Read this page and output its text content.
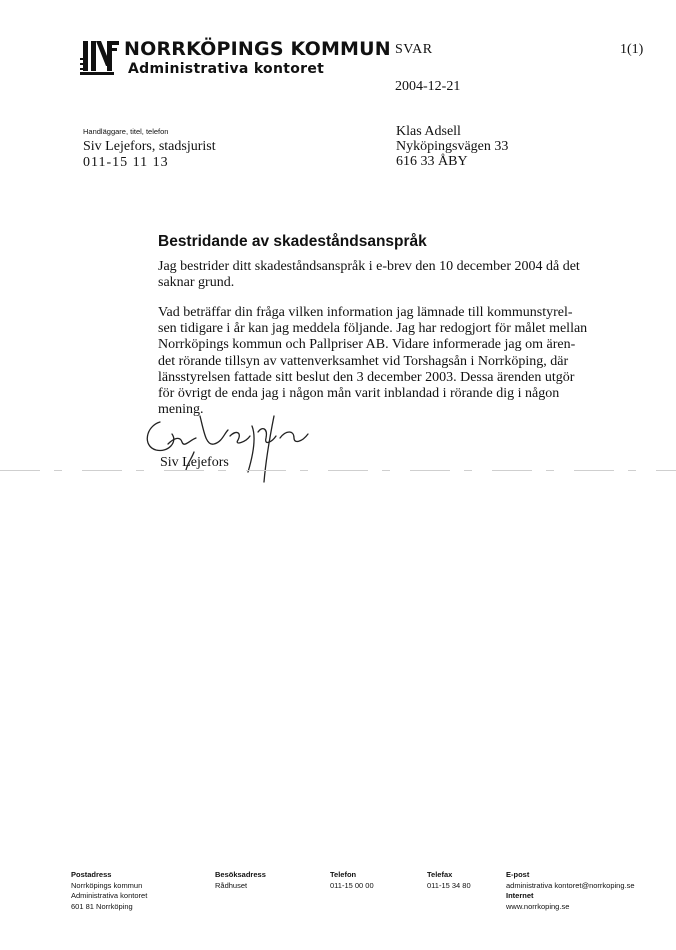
NORRKÖPINGS KOMMUN
Administrativa kontoret
SVAR	1(1)
2004-12-21
Handläggare, titel, telefon
Siv Lejefors, stadsjurist
011-15 11 13
Klas Adsell
Nyköpingsvägen 33
616 33 ÅBY
Bestridande av skadeståndsanspråk
Jag bestrider ditt skadeståndsanspråk i e-brev den 10 december 2004 då det
saknar grund.
Vad beträffar din fråga vilken information jag lämnade till kommunstyrel-
sen tidigare i år kan jag meddela följande. Jag har redogjort för målet mellan
Norrköpings kommun och Pallpriser AB. Vidare informerade jag om ären-
det rörande tillsyn av vattenverksamhet vid Torshagsån i Norrköping, där
länsstyrelsen fattade sitt beslut den 3 december 2003. Dessa ärenden utgör
för övrigt de enda jag i någon mån varit inblandad i rörande dig i någon
mening.
Siv Lejefors
Postadress
Norrköpings kommun
Administrativa kontoret
601 81 Norrköping
Besöksadress
Rådhuset
Telefon
011-15 00 00
Telefax
011-15 34 80
E-post
administrativa kontoret@norrkoping.se
Internet
www.norrkoping.se
